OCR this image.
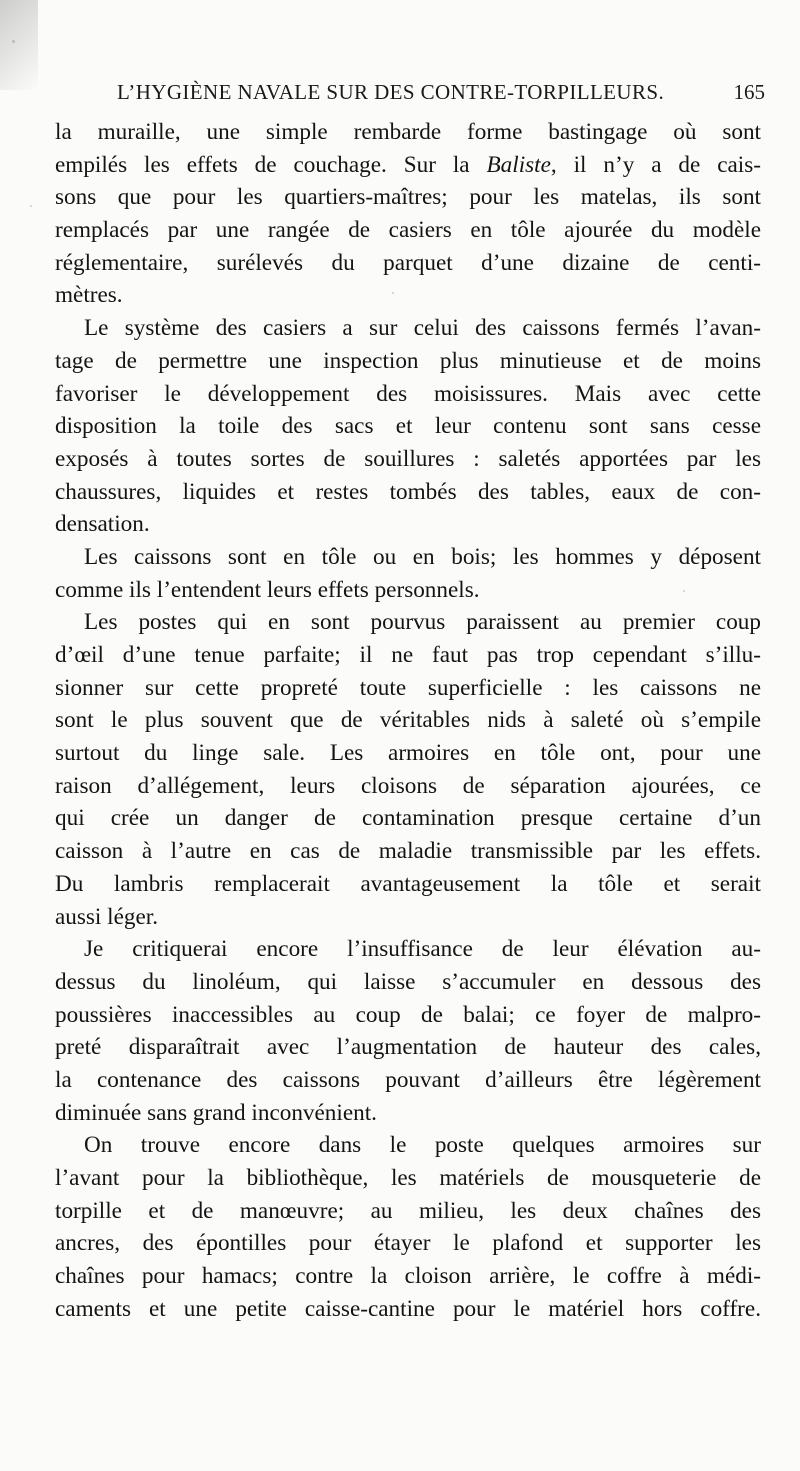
L’HYGIÈNE NAVALE SUR DES CONTRE-TORPILLEURS.	165
la muraille, une simple rembarde forme bastingage où sont
empilés les effets de couchage. Sur la Baliste, il n’y a de cais-
sons que pour les quartiers-maîtres; pour les matelas, ils sont
remplacés par une rangée de casiers en tôle ajourée du modèle
réglementaire, surélevés du parquet d’une dizaine de centi-
mètres.
Le système des casiers a sur celui des caissons fermés l’avan-
tage de permettre une inspection plus minutieuse et de moins
favoriser le développement des moisissures. Mais avec cette
disposition la toile des sacs et leur contenu sont sans cesse
exposés à toutes sortes de souillures : saletés apportées par les
chaussures, liquides et restes tombés des tables, eaux de con-
densation.
Les caissons sont en tôle ou en bois; les hommes y déposent
comme ils l’entendent leurs effets personnels.
Les postes qui en sont pourvus paraissent au premier coup
d’œil d’une tenue parfaite; il ne faut pas trop cependant s’illu-
sionner sur cette propreté toute superficielle : les caissons ne
sont le plus souvent que de véritables nids à saleté où s’empile
surtout du linge sale. Les armoires en tôle ont, pour une
raison d’allégement, leurs cloisons de séparation ajourées, ce
qui crée un danger de contamination presque certaine d’un
caisson à l’autre en cas de maladie transmissible par les effets.
Du lambris remplacerait avantageusement la tôle et serait
aussi léger.
Je critiquerai encore l’insuffisance de leur élévation au-
dessus du linoléum, qui laisse s’accumuler en dessous des
poussières inaccessibles au coup de balai; ce foyer de malpro-
preté disparaîtrait avec l’augmentation de hauteur des cales,
la contenance des caissons pouvant d’ailleurs être légèrement
diminuée sans grand inconvénient.
On trouve encore dans le poste quelques armoires sur
l’avant pour la bibliothèque, les matériels de mousqueterie de
torpille et de manœuvre; au milieu, les deux chaînes des
ancres, des épontilles pour étayer le plafond et supporter les
chaînes pour hamacs; contre la cloison arrière, le coffre à médi-
caments et une petite caisse-cantine pour le matériel hors coffre.
